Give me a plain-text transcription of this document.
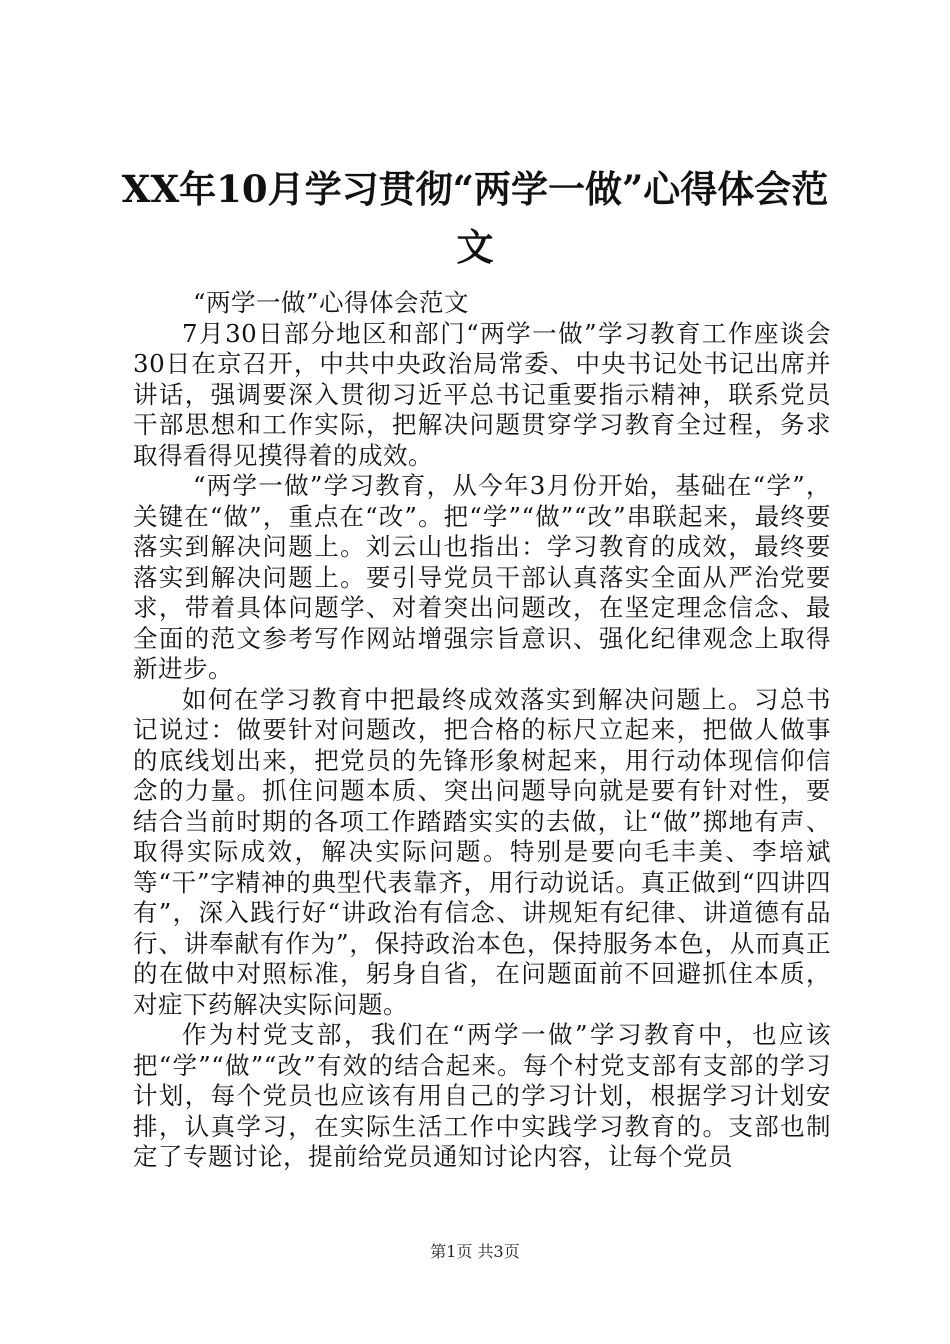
XX年10月学习贯彻“两学一做”心得体会范文

“两学一做”心得体会范文

7月30日部分地区和部门“两学一做”学习教育工作座谈会30日在京召开，中共中央政治局常委、中央书记处书记出席并讲话，强调要深入贯彻习近平总书记重要指示精神，联系党员干部思想和工作实际，把解决问题贯穿学习教育全过程，务求取得看得见摸得着的成效。

“两学一做”学习教育，从今年3月份开始，基础在“学”，关键在“做”，重点在“改”。把“学”“做”“改”串联起来，最终要落实到解决问题上。刘云山也指出：学习教育的成效，最终要落实到解决问题上。要引导党员干部认真落实全面从严治党要求，带着具体问题学、对着突出问题改，在坚定理念信念、最全面的范文参考写作网站增强宗旨意识、强化纪律观念上取得新进步。

如何在学习教育中把最终成效落实到解决问题上。习总书记说过：做要针对问题改，把合格的标尺立起来，把做人做事的底线划出来，把党员的先锋形象树起来，用行动体现信仰信念的力量。抓住问题本质、突出问题导向就是要有针对性，要结合当前时期的各项工作踏踏实实的去做，让“做”掷地有声、取得实际成效，解决实际问题。特别是要向毛丰美、李培斌等“干”字精神的典型代表靠齐，用行动说话。真正做到“四讲四有”，深入践行好“讲政治有信念、讲规矩有纪律、讲道德有品行、讲奉献有作为”，保持政治本色，保持服务本色，从而真正的在做中对照标准，躬身自省，在问题面前不回避抓住本质，对症下药解决实际问题。

作为村党支部，我们在“两学一做”学习教育中，也应该把“学”“做”“改”有效的结合起来。每个村党支部有支部的学习计划，每个党员也应该有用自己的学习计划，根据学习计划安排，认真学习，在实际生活工作中实践学习教育的。支部也制定了专题讨论，提前给党员通知讨论内容，让每个党员

第1页 共3页
